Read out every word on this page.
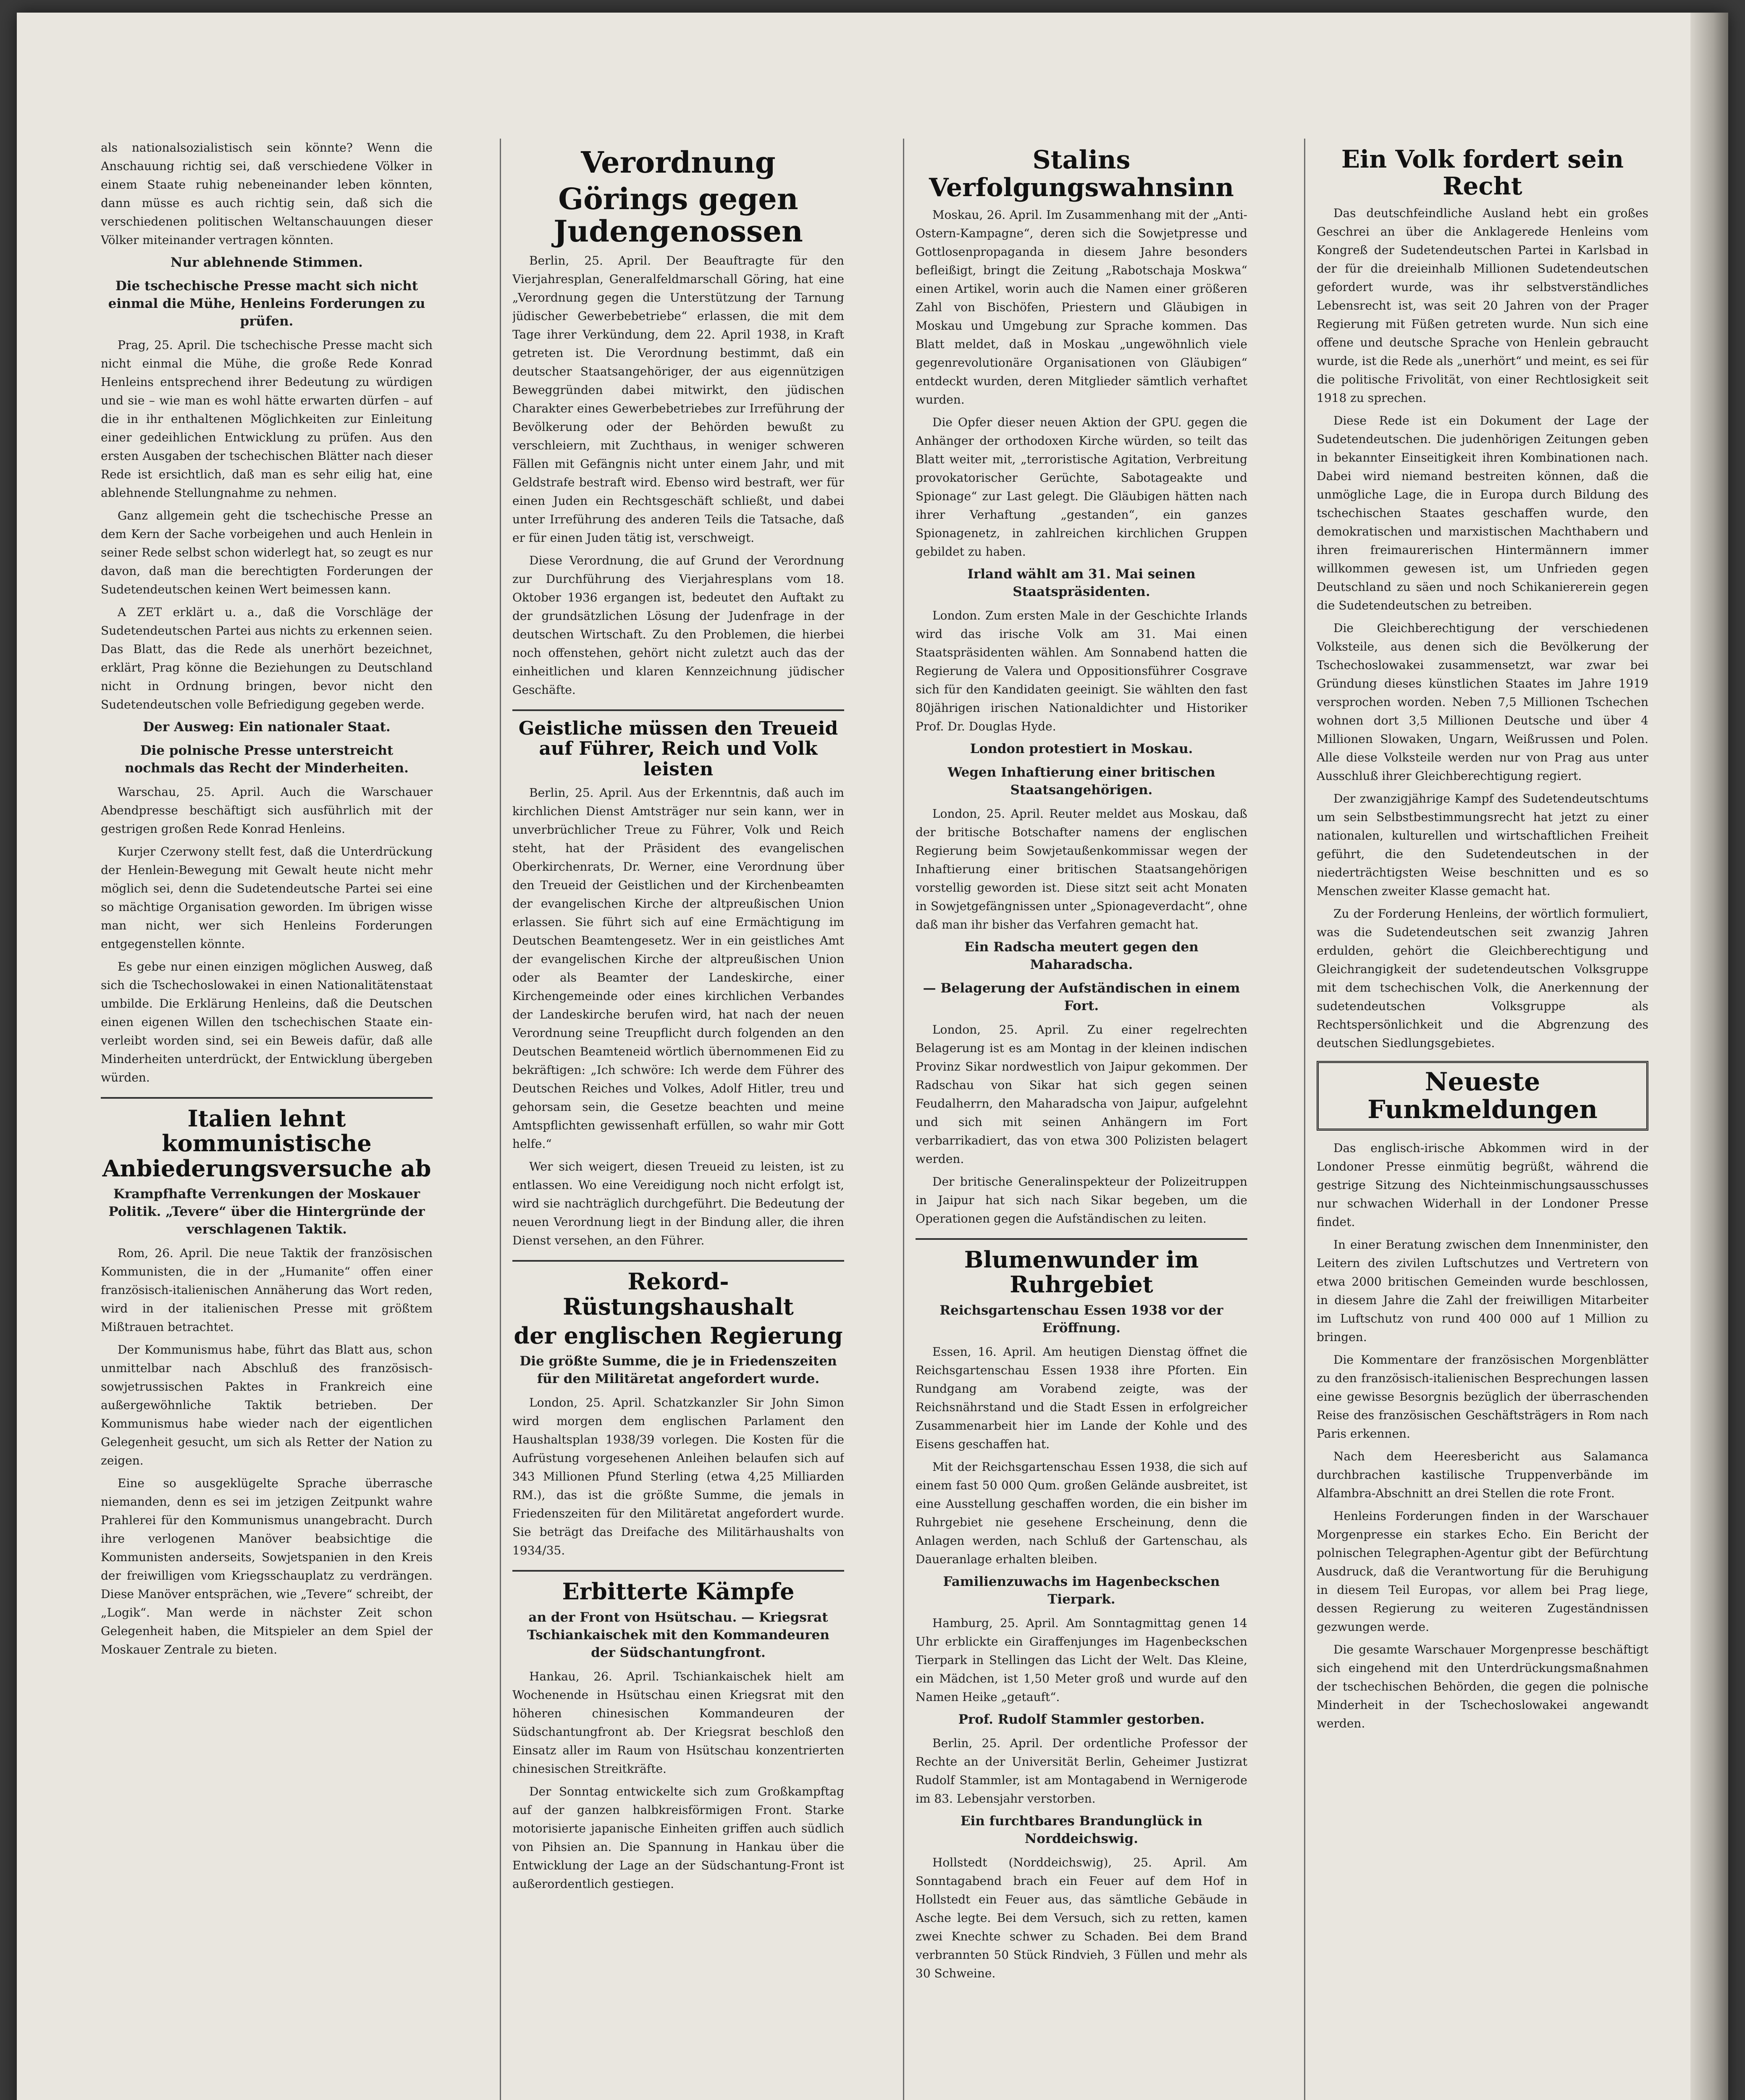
als nationalsozialistisch sein könnte? Wenn die Anschauung richtig sei, daß verschiedene Völker in einem Staate ruhig nebeneinander leben könnten, dann müsse es auch richtig sein, daß sich die verschiedenen politischen Weltanschauungen dieser Völker miteinander vertragen könnten.

Nur ablehnende Stimmen.
Die tschechische Presse macht sich nicht einmal die Mühe, Henleins Forderungen zu prüfen.

Prag, 25. April. Die tschechische Presse macht sich nicht einmal die Mühe, die große Rede Konrad Henleins entsprechend ihrer Bedeutung zu würdigen und sie – wie man es wohl hätte erwarten dürfen – auf die in ihr enthaltenen Möglichkeiten zur Einleitung einer gedeihlichen Entwicklung zu prüfen. Aus den ersten Ausgaben der tschechischen Blätter nach dieser Rede ist ersichtlich, daß man es sehr eilig hat, eine ablehnende Stellungnahme zu nehmen.

Ganz allgemein geht die tschechische Presse an dem Kern der Sache vorbeigehen und auch Henlein in seiner Rede selbst schon widerlegt hat, so zeugt es nur davon, daß man die berechtigten Forderungen der Sudetendeutschen keinen Wert beimessen kann.

A ZET erklärt u. a., daß die Vorschläge der Sudetendeutschen Partei aus nichts zu erkennen seien. Das Blatt, das die Rede als unerhört bezeichnet, erklärt, Prag könne die Beziehungen zu Deutschland nicht in Ordnung bringen, bevor nicht den Sudetendeutschen volle Befriedigung gegeben werde.

Der Ausweg: Ein nationaler Staat.
Die polnische Presse unterstreicht nochmals das Recht der Minderheiten.

Warschau, 25. April. Auch die Warschauer Abendpresse beschäftigt sich ausführlich mit der gestrigen großen Rede Konrad Henleins.

Kurjer Czerwony stellt fest, daß die Unterdrückung der Henlein-Bewegung mit Gewalt heute nicht mehr möglich sei, denn die Sudetendeutsche Partei sei eine so mächtige Organisation geworden. Im übrigen wisse man nicht, wer sich Henleins Forderungen entgegenstellen könnte.

Es gebe nur einen einzigen möglichen Ausweg, daß sich die Tschechoslowakei in einen Nationalitätenstaat umbilde. Die Erklärung Henleins, daß die Deutschen einen eigenen Willen den tschechischen Staate ein-verleibt worden sind, sei ein Beweis dafür, daß alle Minderheiten unterdrückt, der Entwicklung übergeben würden.

Italien lehnt kommunistische Anbiederungsversuche ab
Krampfhafte Verrenkungen der Moskauer Politik. „Tevere“ über die Hintergründe der verschlagenen Taktik.

Rom, 26. April. Die neue Taktik der französischen Kommunisten, die in der „Humanite“ offen einer französisch-italienischen Annäherung das Wort reden, wird in der italienischen Presse mit größtem Mißtrauen betrachtet.

Der Kommunismus habe, führt das Blatt aus, schon unmittelbar nach Abschluß des französisch-sowjetrussischen Paktes in Frankreich eine außergewöhnliche Taktik betrieben. Der Kommunismus habe wieder nach der eigentlichen Gelegenheit gesucht, um sich als Retter der Nation zu zeigen.

Eine so ausgeklügelte Sprache überrasche niemanden, denn es sei im jetzigen Zeitpunkt wahre Prahlerei für den Kommunismus unangebracht. Durch ihre verlogenen Manöver beabsichtige die Kommunisten anderseits, Sowjetspanien in den Kreis der freiwilligen vom Kriegsschauplatz zu verdrängen. Diese Manöver entsprächen, wie „Tevere“ schreibt, der „Logik“. Man werde in nächster Zeit schon Gelegenheit haben, die Mitspieler an dem Spiel der Moskauer Zentrale zu bieten.

Verordnung
Görings gegen Judengenossen

Berlin, 25. April. Der Beauftragte für den Vierjahresplan, Generalfeldmarschall Göring, hat eine „Verordnung gegen die Unterstützung der Tarnung jüdischer Gewerbebetriebe“ erlassen, die mit dem Tage ihrer Verkündung, dem 22. April 1938, in Kraft getreten ist. Die Verordnung bestimmt, daß ein deutscher Staatsangehöriger, der aus eigennützigen Beweggründen dabei mitwirkt, den jüdischen Charakter eines Gewerbebetriebes zur Irreführung der Bevölkerung oder der Behörden bewußt zu verschleiern, mit Zuchthaus, in weniger schweren Fällen mit Gefängnis nicht unter einem Jahr, und mit Geldstrafe bestraft wird. Ebenso wird bestraft, wer für einen Juden ein Rechtsgeschäft schließt, und dabei unter Irreführung des anderen Teils die Tatsache, daß er für einen Juden tätig ist, verschweigt.

Diese Verordnung, die auf Grund der Verordnung zur Durchführung des Vierjahresplans vom 18. Oktober 1936 ergangen ist, bedeutet den Auftakt zu der grundsätzlichen Lösung der Judenfrage in der deutschen Wirtschaft. Zu den Problemen, die hierbei noch offenstehen, gehört nicht zuletzt auch das der einheitlichen und klaren Kennzeichnung jüdischer Geschäfte.

Geistliche müssen den Treueid auf Führer, Reich und Volk leisten

Berlin, 25. April. Aus der Erkenntnis, daß auch im kirchlichen Dienst Amtsträger nur sein kann, wer in unverbrüchlicher Treue zu Führer, Volk und Reich steht, hat der Präsident des evangelischen Oberkirchenrats, Dr. Werner, eine Verordnung über den Treueid der Geistlichen und der Kirchenbeamten der evangelischen Kirche der altpreußischen Union erlassen. Sie führt sich auf eine Ermächtigung im Deutschen Beamtengesetz. Wer in ein geistliches Amt der evangelischen Kirche der altpreußischen Union oder als Beamter der Landeskirche, einer Kirchengemeinde oder eines kirchlichen Verbandes der Landeskirche berufen wird, hat nach der neuen Verordnung seine Treupflicht durch folgenden an den Deutschen Beamteneid wörtlich übernommenen Eid zu bekräftigen: „Ich schwöre: Ich werde dem Führer des Deutschen Reiches und Volkes, Adolf Hitler, treu und gehorsam sein, die Gesetze beachten und meine Amtspflichten gewissenhaft erfüllen, so wahr mir Gott helfe.“

Wer sich weigert, diesen Treueid zu leisten, ist zu entlassen. Wo eine Vereidigung noch nicht erfolgt ist, wird sie nachträglich durchgeführt. Die Bedeutung der neuen Verordnung liegt in der Bindung aller, die ihren Dienst versehen, an den Führer.

Rekord-Rüstungshaushalt
der englischen Regierung
Die größte Summe, die je in Friedenszeiten für den Militäretat angefordert wurde.

London, 25. April. Schatzkanzler Sir John Simon wird morgen dem englischen Parlament den Haushaltsplan 1938/39 vorlegen. Die Kosten für die Aufrüstung vorgesehenen Anleihen belaufen sich auf 343 Millionen Pfund Sterling (etwa 4,25 Milliarden RM.), das ist die größte Summe, die jemals in Friedenszeiten für den Militäretat angefordert wurde. Sie beträgt das Dreifache des Militärhaushalts von 1934/35.

Erbitterte Kämpfe
an der Front von Hsütschau. — Kriegsrat Tschiankaischek mit den Kommandeuren der Südschantungfront.

Hankau, 26. April. Tschiankaischek hielt am Wochenende in Hsütschau einen Kriegsrat mit den höheren chinesischen Kommandeuren der Südschantungfront ab. Der Kriegsrat beschloß den Einsatz aller im Raum von Hsütschau konzentrierten chinesischen Streitkräfte.

Der Sonntag entwickelte sich zum Großkampftag auf der ganzen halbkreisförmigen Front. Starke motorisierte japanische Einheiten griffen auch südlich von Pihsien an. Die Spannung in Hankau über die Entwicklung der Lage an der Südschantung-Front ist außerordentlich gestiegen.

Stalins Verfolgungswahnsinn

Moskau, 26. April. Im Zusammenhang mit der „Anti-Ostern-Kampagne“, deren sich die Sowjetpresse und Gottlosenpropaganda in diesem Jahre besonders befleißigt, bringt die Zeitung „Rabotschaja Moskwa“ einen Artikel, worin auch die Namen einer größeren Zahl von Bischöfen, Priestern und Gläubigen in Moskau und Umgebung zur Sprache kommen. Das Blatt meldet, daß in Moskau „ungewöhnlich viele gegenrevolutionäre Organisationen von Gläubigen“ entdeckt wurden, deren Mitglieder sämtlich verhaftet wurden.

Die Opfer dieser neuen Aktion der GPU. gegen die Anhänger der orthodoxen Kirche würden, so teilt das Blatt weiter mit, „terroristische Agitation, Verbreitung provokatorischer Gerüchte, Sabotageakte und Spionage“ zur Last gelegt. Die Gläubigen hätten nach ihrer Verhaftung „gestanden“, ein ganzes Spionagenetz, in zahlreichen kirchlichen Gruppen gebildet zu haben.

Irland wählt am 31. Mai seinen Staatspräsidenten.

London. Zum ersten Male in der Geschichte Irlands wird das irische Volk am 31. Mai einen Staatspräsidenten wählen. Am Sonnabend hatten die Regierung de Valera und Oppositionsführer Cosgrave sich für den Kandidaten geeinigt. Sie wählten den fast 80jährigen irischen Nationaldichter und Historiker Prof. Dr. Douglas Hyde.

London protestiert in Moskau.
Wegen Inhaftierung einer britischen Staatsangehörigen.

London, 25. April. Reuter meldet aus Moskau, daß der britische Botschafter namens der englischen Regierung beim Sowjetaußenkommissar wegen der Inhaftierung einer britischen Staatsangehörigen vorstellig geworden ist. Diese sitzt seit acht Monaten in Sowjetgefängnissen unter „Spionageverdacht“, ohne daß man ihr bisher das Verfahren gemacht hat.

Ein Radscha meutert gegen den Maharadscha.
— Belagerung der Aufständischen in einem Fort.

London, 25. April. Zu einer regelrechten Belagerung ist es am Montag in der kleinen indischen Provinz Sikar nordwestlich von Jaipur gekommen. Der Radschau von Sikar hat sich gegen seinen Feudalherrn, den Maharadscha von Jaipur, aufgelehnt und sich mit seinen Anhängern im Fort verbarrikadiert, das von etwa 300 Polizisten belagert werden.

Der britische Generalinspekteur der Polizeitruppen in Jaipur hat sich nach Sikar begeben, um die Operationen gegen die Aufständischen zu leiten.

Blumenwunder im Ruhrgebiet
Reichsgartenschau Essen 1938 vor der Eröffnung.

Essen, 16. April. Am heutigen Dienstag öffnet die Reichsgartenschau Essen 1938 ihre Pforten. Ein Rundgang am Vorabend zeigte, was der Reichsnährstand und die Stadt Essen in erfolgreicher Zusammenarbeit hier im Lande der Kohle und des Eisens geschaffen hat.

Mit der Reichsgartenschau Essen 1938, die sich auf einem fast 50 000 Qum. großen Gelände ausbreitet, ist eine Ausstellung geschaffen worden, die ein bisher im Ruhrgebiet nie gesehene Erscheinung, denn die Anlagen werden, nach Schluß der Gartenschau, als Daueranlage erhalten bleiben.

Familienzuwachs im Hagenbeckschen Tierpark.

Hamburg, 25. April. Am Sonntagmittag genen 14 Uhr erblickte ein Giraffenjunges im Hagenbeckschen Tierpark in Stellingen das Licht der Welt. Das Kleine, ein Mädchen, ist 1,50 Meter groß und wurde auf den Namen Heike „getauft“.

Prof. Rudolf Stammler gestorben.

Berlin, 25. April. Der ordentliche Professor der Rechte an der Universität Berlin, Geheimer Justizrat Rudolf Stammler, ist am Montagabend in Wernigerode im 83. Lebensjahr verstorben.

Ein furchtbares Brandunglück in Norddeichswig.

Hollstedt (Norddeichswig), 25. April. Am Sonntagabend brach ein Feuer auf dem Hof in Hollstedt ein Feuer aus, das sämtliche Gebäude in Asche legte. Bei dem Versuch, sich zu retten, kamen zwei Knechte schwer zu Schaden. Bei dem Brand verbrannten 50 Stück Rindvieh, 3 Füllen und mehr als 30 Schweine.

Ein Volk fordert sein Recht

Das deutschfeindliche Ausland hebt ein großes Geschrei an über die Anklagerede Henleins vom Kongreß der Sudetendeutschen Partei in Karlsbad in der für die dreieinhalb Millionen Sudetendeutschen gefordert wurde, was ihr selbstverständliches Lebensrecht ist, was seit 20 Jahren von der Prager Regierung mit Füßen getreten wurde. Nun sich eine offene und deutsche Sprache von Henlein gebraucht wurde, ist die Rede als „unerhört“ und meint, es sei für die politische Frivolität, von einer Rechtlosigkeit seit 1918 zu sprechen.

Diese Rede ist ein Dokument der Lage der Sudetendeutschen. Die judenhörigen Zeitungen geben in bekannter Einseitigkeit ihren Kombinationen nach. Dabei wird niemand bestreiten können, daß die unmögliche Lage, die in Europa durch Bildung des tschechischen Staates geschaffen wurde, den demokratischen und marxistischen Machthabern und ihren freimaurerischen Hintermännern immer willkommen gewesen ist, um Unfrieden gegen Deutschland zu säen und noch Schikaniererein gegen die Sudetendeutschen zu betreiben.

Die Gleichberechtigung der verschiedenen Volksteile, aus denen sich die Bevölkerung der Tschechoslowakei zusammensetzt, war zwar bei Gründung dieses künstlichen Staates im Jahre 1919 versprochen worden. Neben 7,5 Millionen Tschechen wohnen dort 3,5 Millionen Deutsche und über 4 Millionen Slowaken, Ungarn, Weißrussen und Polen. Alle diese Volksteile werden nur von Prag aus unter Ausschluß ihrer Gleichberechtigung regiert.

Der zwanzigjährige Kampf des Sudetendeutschtums um sein Selbstbestimmungsrecht hat jetzt zu einer nationalen, kulturellen und wirtschaftlichen Freiheit geführt, die den Sudetendeutschen in der niederträchtigsten Weise beschnitten und es so Menschen zweiter Klasse gemacht hat.

Zu der Forderung Henleins, der wörtlich formuliert, was die Sudetendeutschen seit zwanzig Jahren erdulden, gehört die Gleichberechtigung und Gleichrangigkeit der sudetendeutschen Volksgruppe mit dem tschechischen Volk, die Anerkennung der sudetendeutschen Volksgruppe als Rechtspersönlichkeit und die Abgrenzung des deutschen Siedlungsgebietes.

Neueste Funkmeldungen

Das englisch-irische Abkommen wird in der Londoner Presse einmütig begrüßt, während die gestrige Sitzung des Nichteinmischungsausschusses nur schwachen Widerhall in der Londoner Presse findet.

In einer Beratung zwischen dem Innenminister, den Leitern des zivilen Luftschutzes und Vertretern von etwa 2000 britischen Gemeinden wurde beschlossen, in diesem Jahre die Zahl der freiwilligen Mitarbeiter im Luftschutz von rund 400 000 auf 1 Million zu bringen.

Die Kommentare der französischen Morgenblätter zu den französisch-italienischen Besprechungen lassen eine gewisse Besorgnis bezüglich der überraschenden Reise des französischen Geschäftsträgers in Rom nach Paris erkennen.

Nach dem Heeresbericht aus Salamanca durchbrachen kastilische Truppenverbände im Alfambra-Abschnitt an drei Stellen die rote Front.

Henleins Forderungen finden in der Warschauer Morgenpresse ein starkes Echo. Ein Bericht der polnischen Telegraphen-Agentur gibt der Befürchtung Ausdruck, daß die Verantwortung für die Beruhigung in diesem Teil Europas, vor allem bei Prag liege, dessen Regierung zu weiteren Zugeständnissen gezwungen werde.

Die gesamte Warschauer Morgenpresse beschäftigt sich eingehend mit den Unterdrückungsmaßnahmen der tschechischen Behörden, die gegen die polnische Minderheit in der Tschechoslowakei angewandt werden.
